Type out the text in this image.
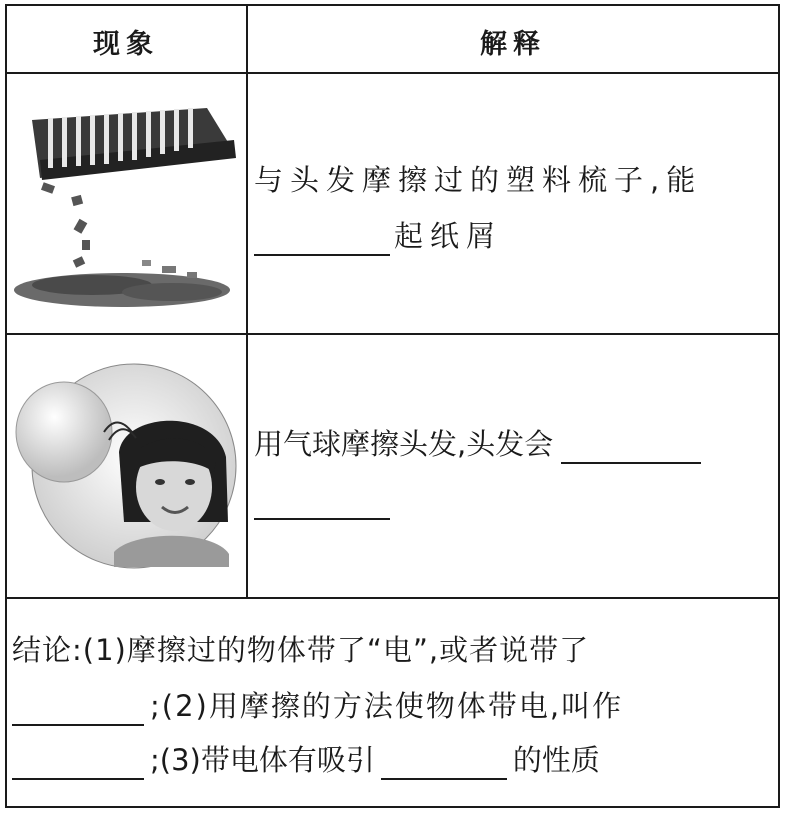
现象	解释
与头发摩擦过的塑料梳子,能
起纸屑
用气球摩擦头发,头发会
结论:(1)摩擦过的物体带了“电”,或者说带了
;(2)用摩擦的方法使物体带电,叫作
;(3)带电体有吸引	的性质
